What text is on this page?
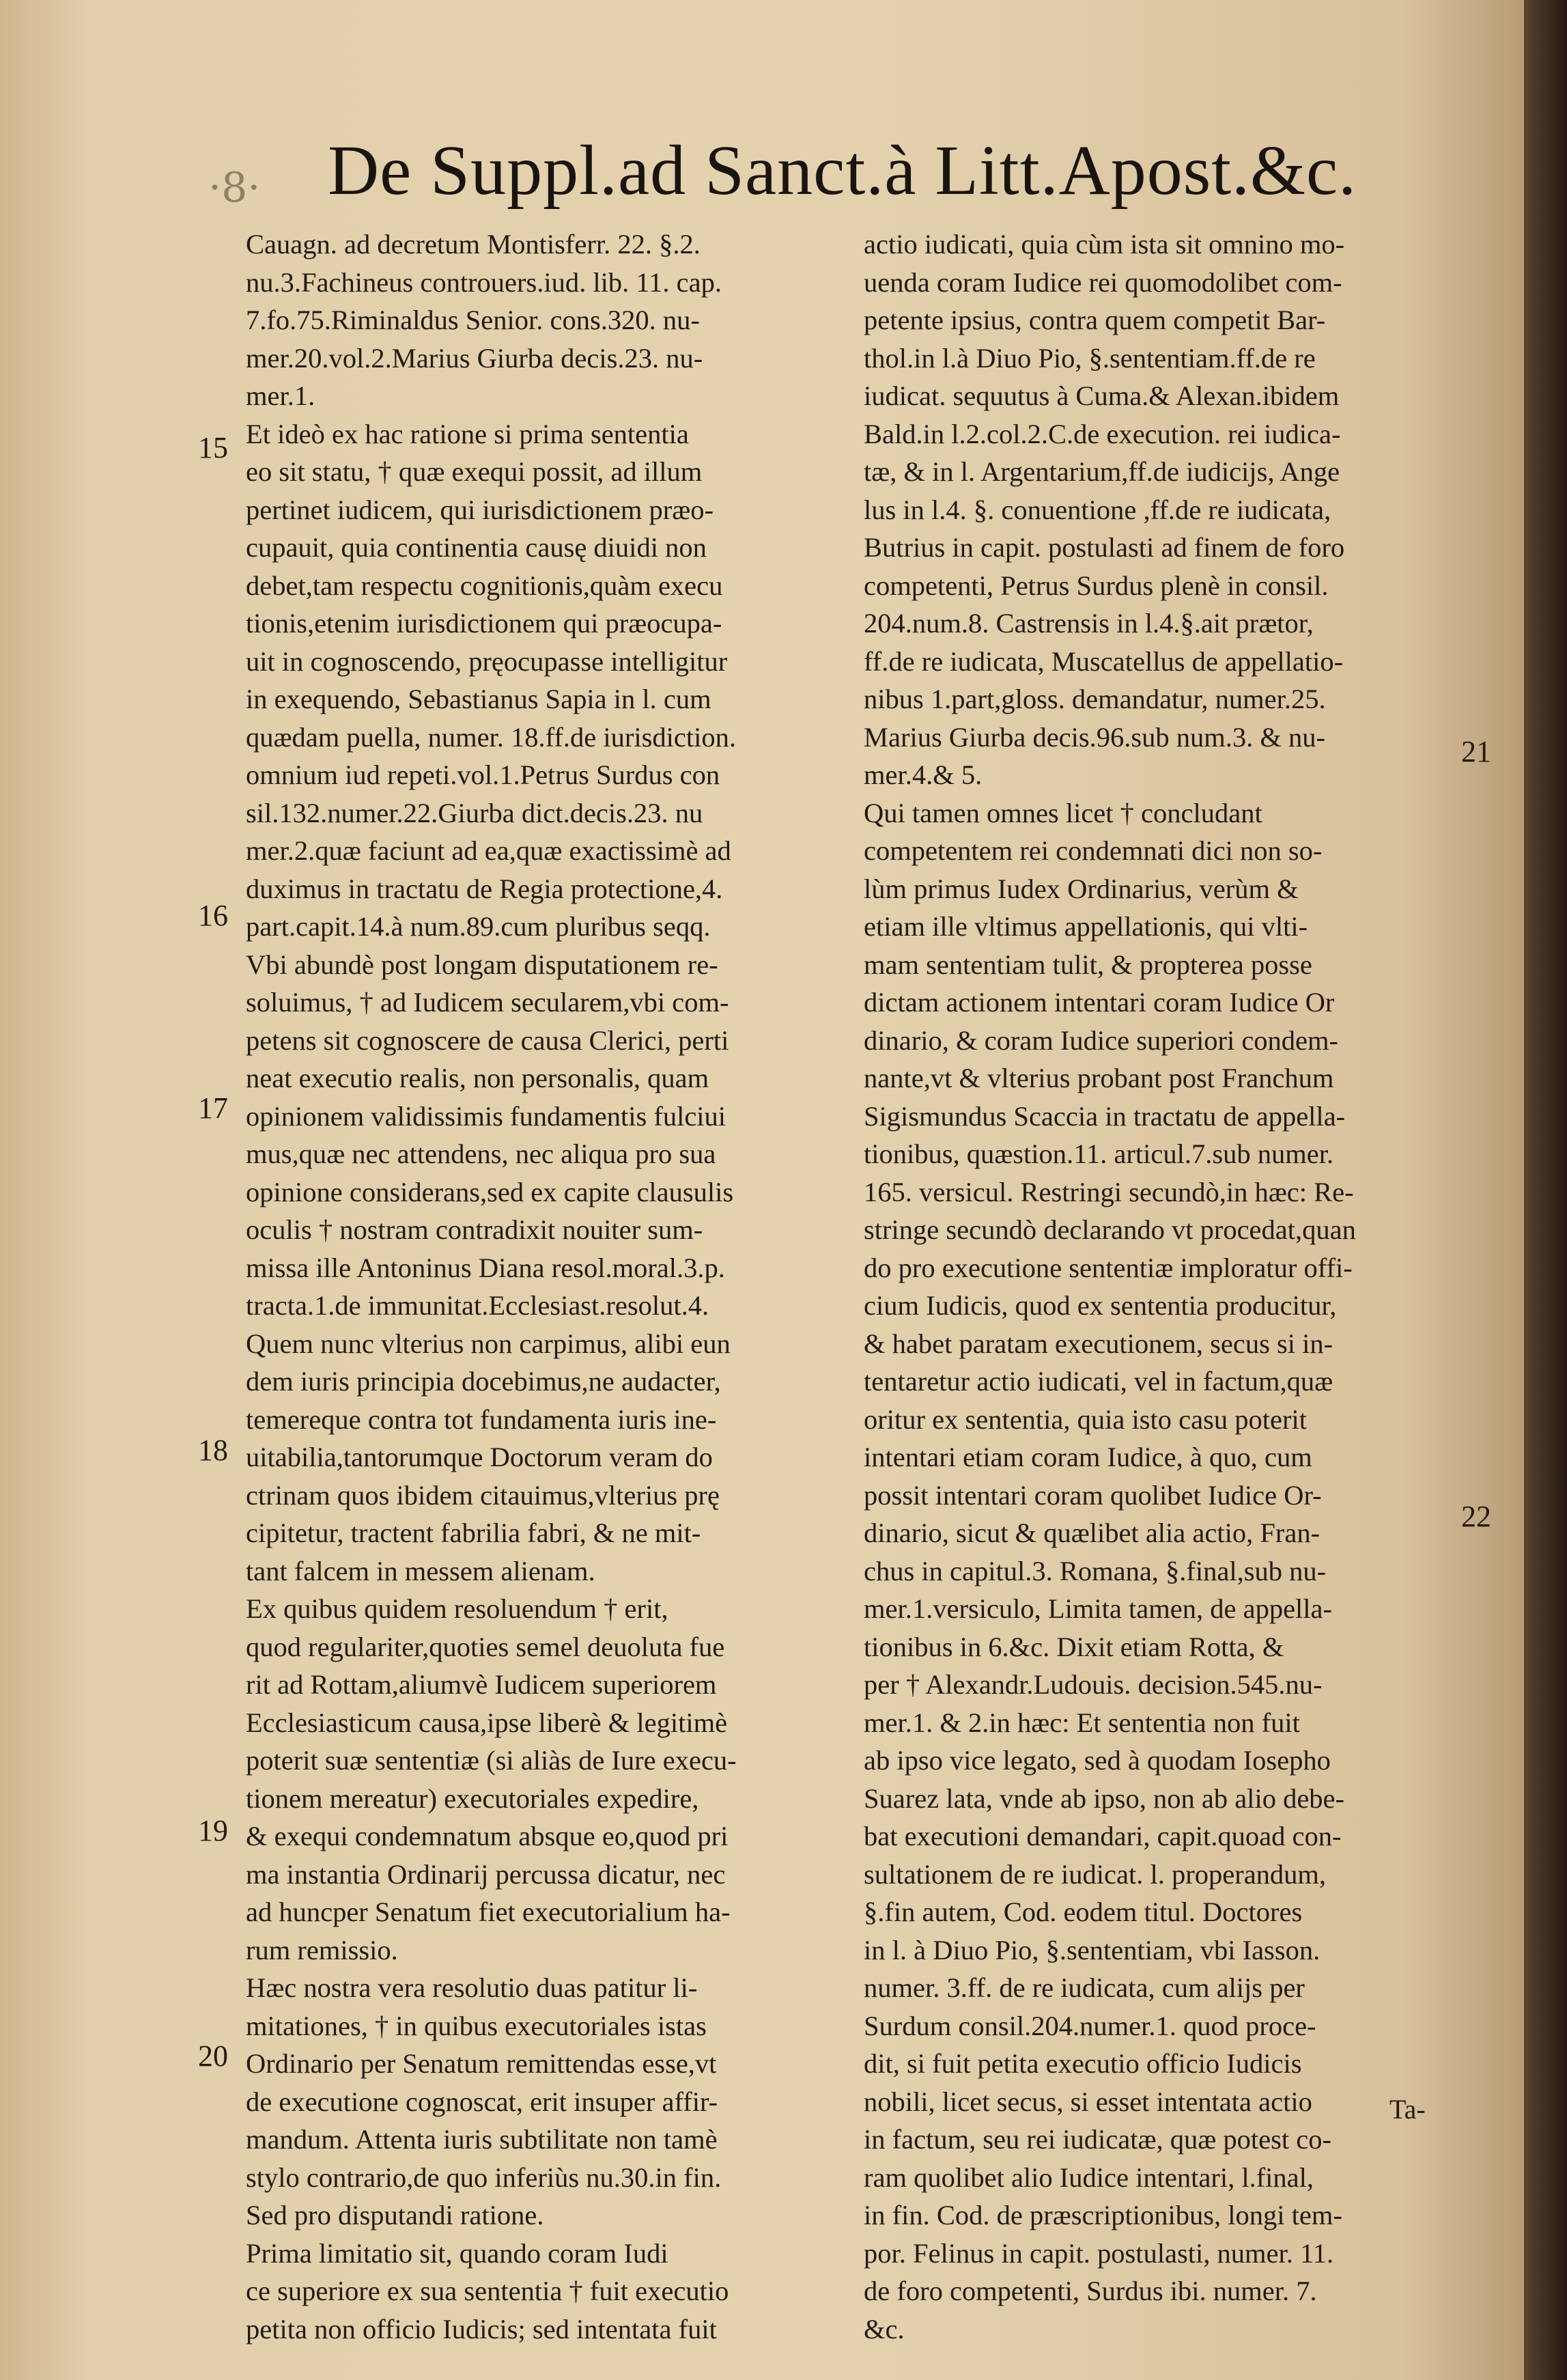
·8· De Suppl.ad Sanct.à Litt.Apost.&c.
Cauagn. ad decretum Montisferr. 22. §.2.
nu.3.Fachineus controuers.iud. lib. 11. cap.
7.fo.75.Riminaldus Senior. cons.320. nu-
mer.20.vol.2.Marius Giurba decis.23. nu-
mer.1.
Et ideò ex hac ratione si prima sententia
eo sit statu, † quæ exequi possit, ad illum
pertinet iudicem, qui iurisdictionem præo-
cupauit, quia continentia causę diuidi non
debet,tam respectu cognitionis,quàm execu
tionis,etenim iurisdictionem qui præocupa-
uit in cognoscendo, pręocupasse intelligitur
in exequendo, Sebastianus Sapia in l. cum
quædam puella, numer. 18.ff.de iurisdiction.
omnium iud repeti.vol.1.Petrus Surdus con
sil.132.numer.22.Giurba dict.decis.23. nu
mer.2.quæ faciunt ad ea,quæ exactissimè ad
duximus in tractatu de Regia protectione,4.
part.capit.14.à num.89.cum pluribus seqq.
Vbi abundè post longam disputationem re-
soluimus, † ad Iudicem secularem,vbi com-
petens sit cognoscere de causa Clerici, perti
neat executio realis, non personalis, quam
opinionem validissimis fundamentis fulciui
mus,quæ nec attendens, nec aliqua pro sua
opinione considerans,sed ex capite clausulis
oculis † nostram contradixit nouiter sum-
missa ille Antoninus Diana resol.moral.3.p.
tracta.1.de immunitat.Ecclesiast.resolut.4.
Quem nunc vlterius non carpimus, alibi eun
dem iuris principia docebimus,ne audacter,
temereque contra tot fundamenta iuris ine-
uitabilia,tantorumque Doctorum veram do
ctrinam quos ibidem citauimus,vlterius prę
cipitetur, tractent fabrilia fabri, & ne mit-
tant falcem in messem alienam.
Ex quibus quidem resoluendum † erit,
quod regulariter,quoties semel deuoluta fue
rit ad Rottam,aliumvè Iudicem superiorem
Ecclesiasticum causa,ipse liberè & legitimè
poterit suæ sententiæ (si aliàs de Iure execu-
tionem mereatur) executoriales expedire,
& exequi condemnatum absque eo,quod pri
ma instantia Ordinarij percussa dicatur, nec
ad huncper Senatum fiet executorialium ha-
rum remissio.
Hæc nostra vera resolutio duas patitur li-
mitationes, † in quibus executoriales istas
Ordinario per Senatum remittendas esse,vt
de executione cognoscat, erit insuper affir-
mandum. Attenta iuris subtilitate non tamè
stylo contrario,de quo inferiùs nu.30.in fin.
Sed pro disputandi ratione.
Prima limitatio sit, quando coram Iudi
ce superiore ex sua sententia † fuit executio
petita non officio Iudicis; sed intentata fuit
actio iudicati, quia cùm ista sit omnino mo-
uenda coram Iudice rei quomodolibet com-
petente ipsius, contra quem competit Bar-
thol.in l.à Diuo Pio, §.sententiam.ff.de re
iudicat. sequutus à Cuma.& Alexan.ibidem
Bald.in l.2.col.2.C.de execution. rei iudica-
tæ, & in l. Argentarium,ff.de iudicijs, Ange
lus in l.4. §. conuentione ,ff.de re iudicata,
Butrius in capit. postulasti ad finem de foro
competenti, Petrus Surdus plenè in consil.
204.num.8. Castrensis in l.4.§.ait prætor,
ff.de re iudicata, Muscatellus de appellatio-
nibus 1.part,gloss. demandatur, numer.25.
Marius Giurba decis.96.sub num.3. & nu-
mer.4.& 5.
Qui tamen omnes licet † concludant
competentem rei condemnati dici non so-
lùm primus Iudex Ordinarius, verùm &
etiam ille vltimus appellationis, qui vlti-
mam sententiam tulit, & propterea posse
dictam actionem intentari coram Iudice Or
dinario, & coram Iudice superiori condem-
nante,vt & vlterius probant post Franchum
Sigismundus Scaccia in tractatu de appella-
tionibus, quæstion.11. articul.7.sub numer.
165. versicul. Restringi secundò,in hæc: Re-
stringe secundò declarando vt procedat,quan
do pro executione sententiæ imploratur offi-
cium Iudicis, quod ex sententia producitur,
& habet paratam executionem, secus si in-
tentaretur actio iudicati, vel in factum,quæ
oritur ex sententia, quia isto casu poterit
intentari etiam coram Iudice, à quo, cum
possit intentari coram quolibet Iudice Or-
dinario, sicut & quælibet alia actio, Fran-
chus in capitul.3. Romana, §.final,sub nu-
mer.1.versiculo, Limita tamen, de appella-
tionibus in 6.&c. Dixit etiam Rotta, &
per † Alexandr.Ludouis. decision.545.nu-
mer.1. & 2.in hæc: Et sententia non fuit
ab ipso vice legato, sed à quodam Iosepho
Suarez lata, vnde ab ipso, non ab alio debe-
bat executioni demandari, capit.quoad con-
sultationem de re iudicat. l. properandum,
§.fin autem, Cod. eodem titul. Doctores
in l. à Diuo Pio, §.sententiam, vbi Iasson.
numer. 3.ff. de re iudicata, cum alijs per
Surdum consil.204.numer.1. quod proce-
dit, si fuit petita executio officio Iudicis
nobili, licet secus, si esset intentata actio
in factum, seu rei iudicatæ, quæ potest co-
ram quolibet alio Iudice intentari, l.final,
in fin. Cod. de præscriptionibus, longi tem-
por. Felinus in capit. postulasti, numer. 11.
de foro competenti, Surdus ibi. numer. 7.
&c.
15
16
17
18
19
20
21
22
Ta-
